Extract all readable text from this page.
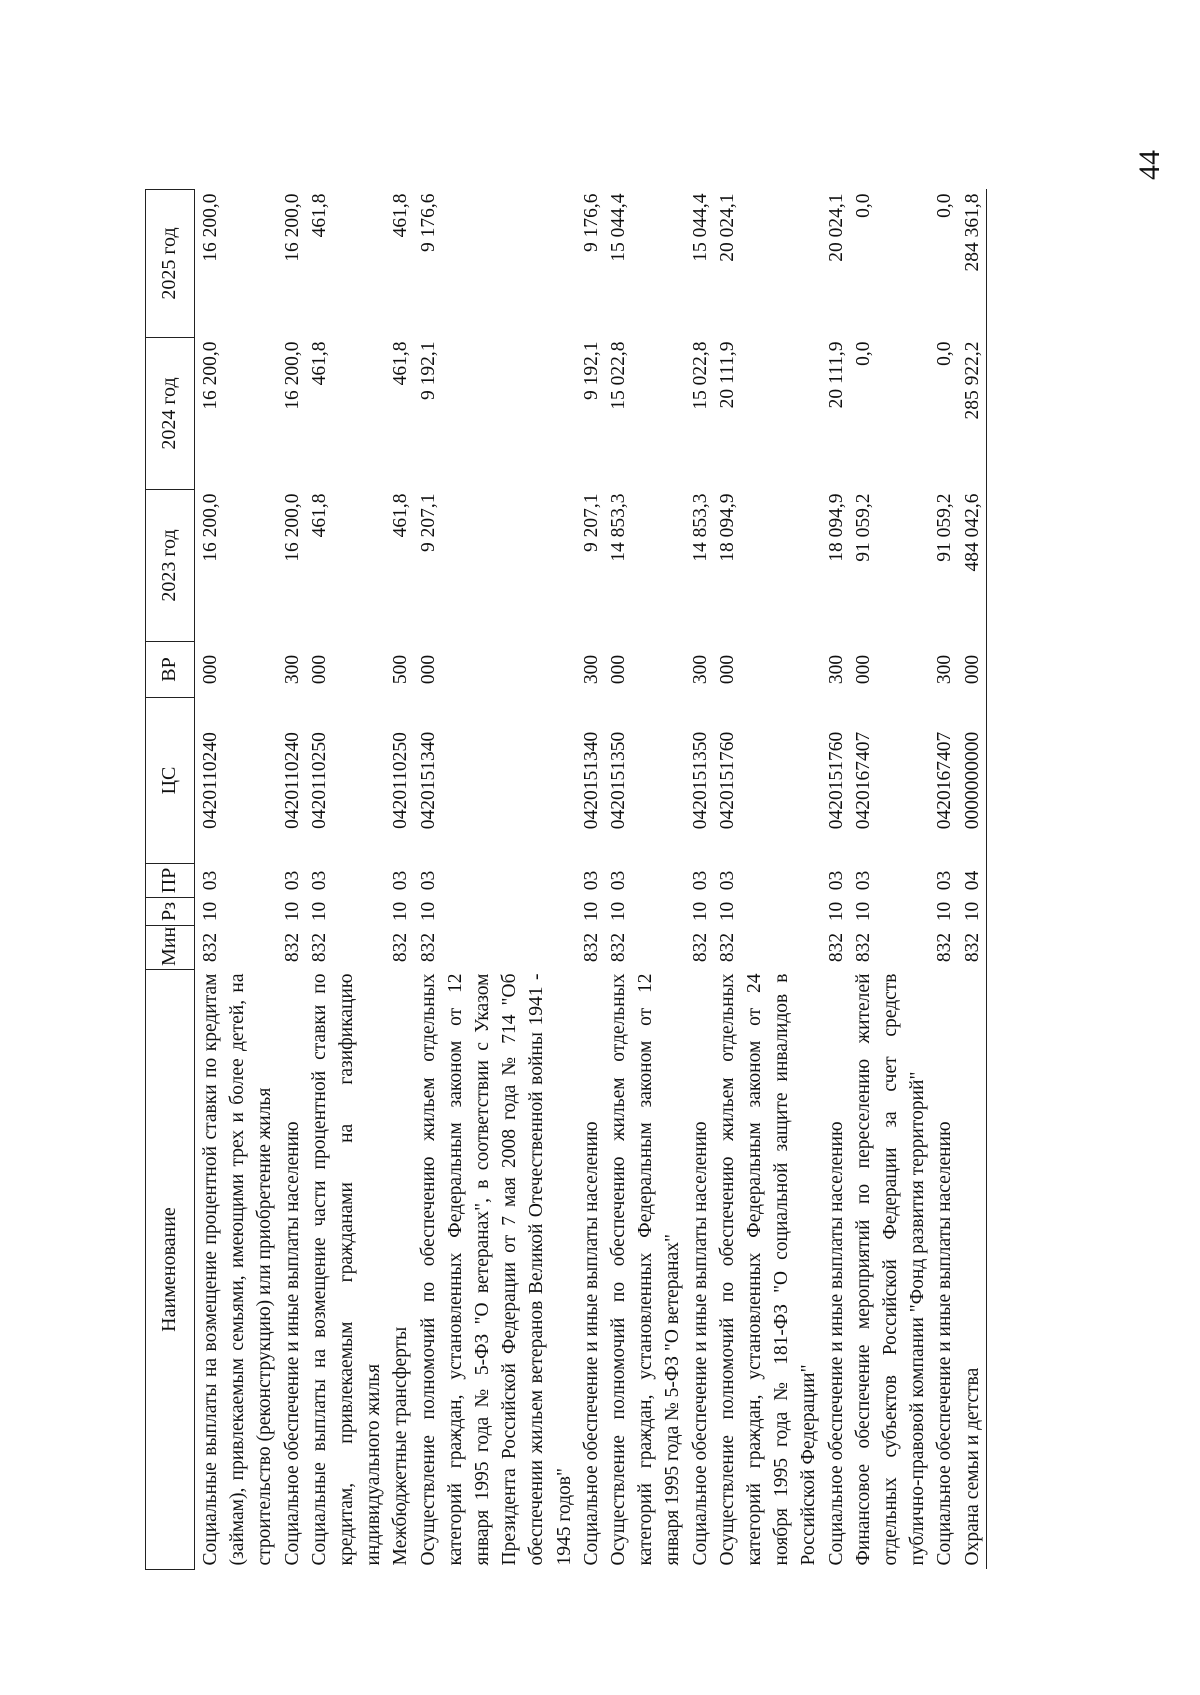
44
Наименование	Мин	Рз	ПР	ЦС	ВР	2023 год	2024 год	2025 год
Социальные выплаты на возмещение процентной ставки по кредитам (займам), привлекаемым семьями, имеющими трех и более детей, на строительство (реконструкцию) или приобретение жилья	832	10	03	0420110240	000	16 200,0	16 200,0	16 200,0
Социальное обеспечение и иные выплаты населению	832	10	03	0420110240	300	16 200,0	16 200,0	16 200,0
Социальные выплаты на возмещение части процентной ставки по кредитам, привлекаемым гражданами на газификацию индивидуального жилья	832	10	03	0420110250	000	461,8	461,8	461,8
Межбюджетные трансферты	832	10	03	0420110250	500	461,8	461,8	461,8
Осуществление полномочий по обеспечению жильем отдельных категорий граждан, установленных Федеральным законом от 12 января 1995 года № 5-ФЗ "О ветеранах", в соответствии с Указом Президента Российской Федерации от 7 мая 2008 года № 714 "Об обеспечении жильем ветеранов Великой Отечественной войны 1941 - 1945 годов"	832	10	03	0420151340	000	9 207,1	9 192,1	9 176,6
Социальное обеспечение и иные выплаты населению	832	10	03	0420151340	300	9 207,1	9 192,1	9 176,6
Осуществление полномочий по обеспечению жильем отдельных категорий граждан, установленных Федеральным законом от 12 января 1995 года № 5-ФЗ "О ветеранах"	832	10	03	0420151350	000	14 853,3	15 022,8	15 044,4
Социальное обеспечение и иные выплаты населению	832	10	03	0420151350	300	14 853,3	15 022,8	15 044,4
Осуществление полномочий по обеспечению жильем отдельных категорий граждан, установленных Федеральным законом от 24 ноября 1995 года № 181-ФЗ "О социальной защите инвалидов в Российской Федерации"	832	10	03	0420151760	000	18 094,9	20 111,9	20 024,1
Социальное обеспечение и иные выплаты населению	832	10	03	0420151760	300	18 094,9	20 111,9	20 024,1
Финансовое обеспечение мероприятий по переселению жителей отдельных субъектов Российской Федерации за счет средств публично-правовой компании "Фонд развития территорий"	832	10	03	0420167407	000	91 059,2	0,0	0,0
Социальное обеспечение и иные выплаты населению	832	10	03	0420167407	300	91 059,2	0,0	0,0
Охрана семьи и детства	832	10	04	0000000000	000	484 042,6	285 922,2	284 361,8
